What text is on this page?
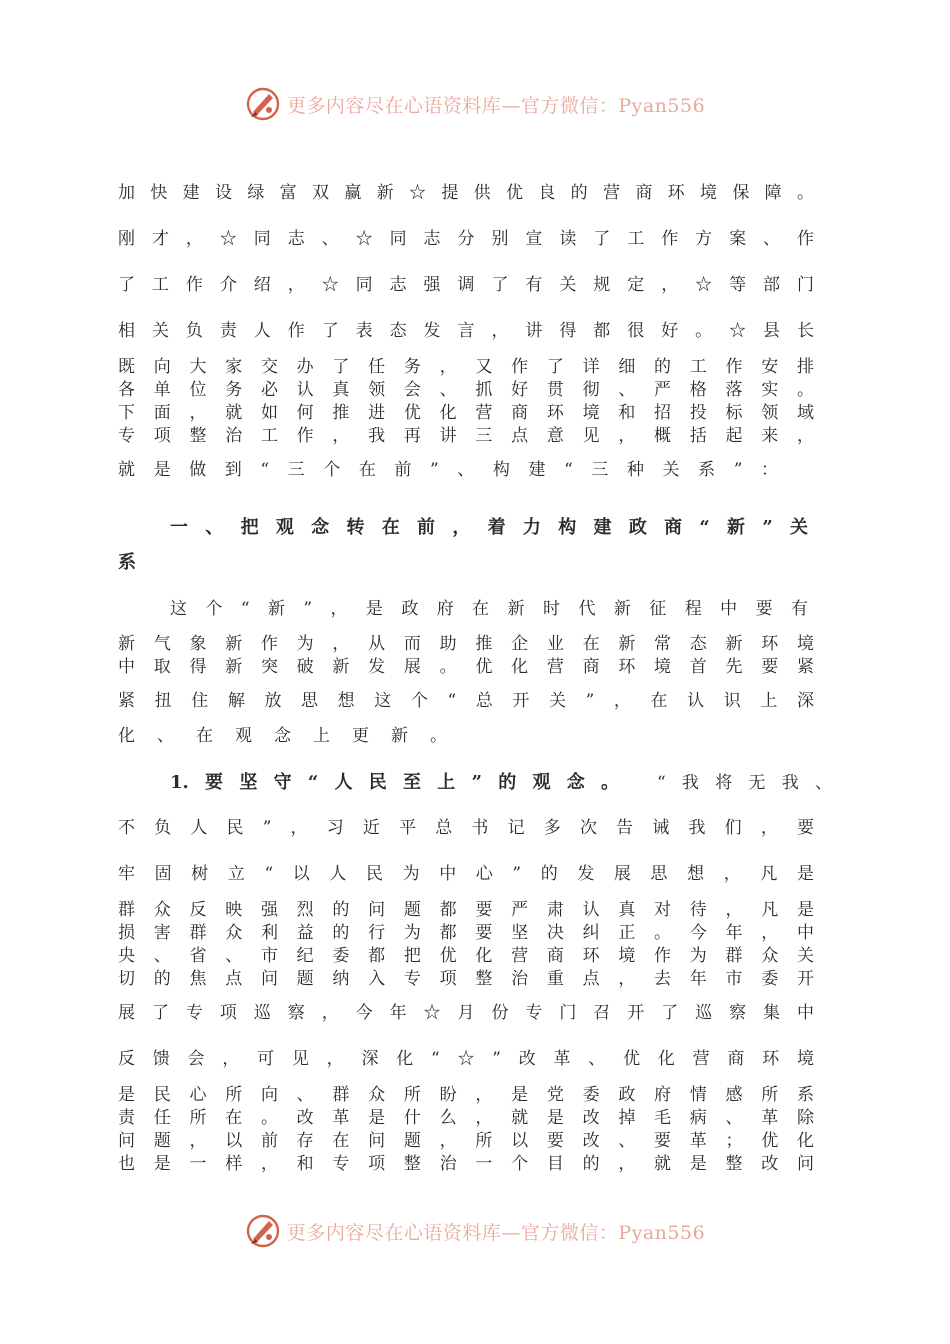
更多内容尽在心语资料库—官方微信：Pyan556
加快建设绿富双赢新☆提供优良的营商环境保障。
刚才，☆同志、☆同志分别宣读了工作方案、作
了工作介绍，☆同志强调了有关规定，☆等部门
相关负责人作了表态发言，讲得都很好。☆县长
既向大家交办了任务，又作了详细的工作安排
各单位务必认真领会、抓好贯彻、严格落实。
下面，就如何推进优化营商环境和招投标领域
专项整治工作，我再讲三点意见，概括起来，
就是做到“三个在前”、构建“三种关系”：
一、把观念转在前，着力构建政商“新”关
系
这个“新”，是政府在新时代新征程中要有
新气象新作为，从而助推企业在新常态新环境
中取得新突破新发展。优化营商环境首先要紧
紧扭住解放思想这个“总开关”，在认识上深
化、在观念上更新。
1.要坚守“人民至上”的观念。 “我将无我、
不负人民”，习近平总书记多次告诫我们，要
牢固树立“以人民为中心”的发展思想，凡是
群众反映强烈的问题都要严肃认真对待，凡是
损害群众利益的行为都要坚决纠正。今年，中
央、省、市纪委都把优化营商环境作为群众关
切的焦点问题纳入专项整治重点，去年市委开
展了专项巡察，今年☆月份专门召开了巡察集中
反馈会，可见，深化“☆”改革、优化营商环境
是民心所向、群众所盼，是党委政府情感所系
责任所在。改革是什么，就是改掉毛病、革除
问题，以前存在问题，所以要改、要革；优化
也是一样，和专项整治一个目的，就是整改问
更多内容尽在心语资料库—官方微信：Pyan556
